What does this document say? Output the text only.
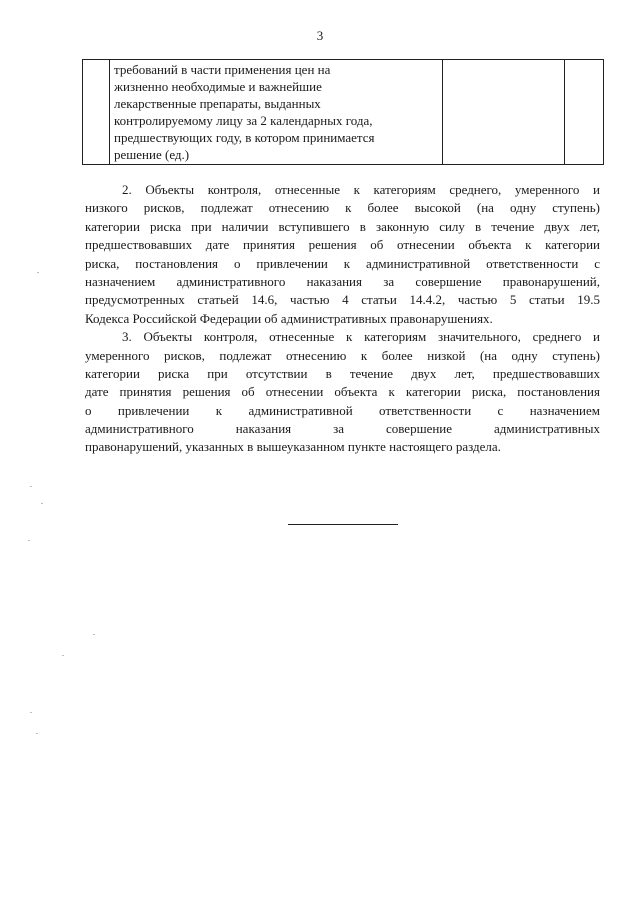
3

требований в части применения цен на
жизненно необходимые и важнейшие
лекарственные препараты, выданных
контролируемому лицу за 2 календарных года,
предшествующих году, в котором принимается
решение (ед.)

2. Объекты контроля, отнесенные к категориям среднего, умеренного и
низкого рисков, подлежат отнесению к более высокой (на одну ступень)
категории риска при наличии вступившего в законную силу в течение двух лет,
предшествовавших дате принятия решения об отнесении объекта к категории
риска, постановления о привлечении к административной ответственности с
назначением административного наказания за совершение правонарушений,
предусмотренных статьей 14.6, частью 4 статьи 14.4.2, частью 5 статьи 19.5
Кодекса Российской Федерации об административных правонарушениях.
3. Объекты контроля, отнесенные к категориям значительного, среднего и
умеренного рисков, подлежат отнесению к более низкой (на одну ступень)
категории риска при отсутствии в течение двух лет, предшествовавших
дате принятия решения об отнесении объекта к категории риска, постановления
о привлечении к административной ответственности с назначением
административного наказания за совершение административных
правонарушений, указанных в вышеуказанном пункте настоящего раздела.
